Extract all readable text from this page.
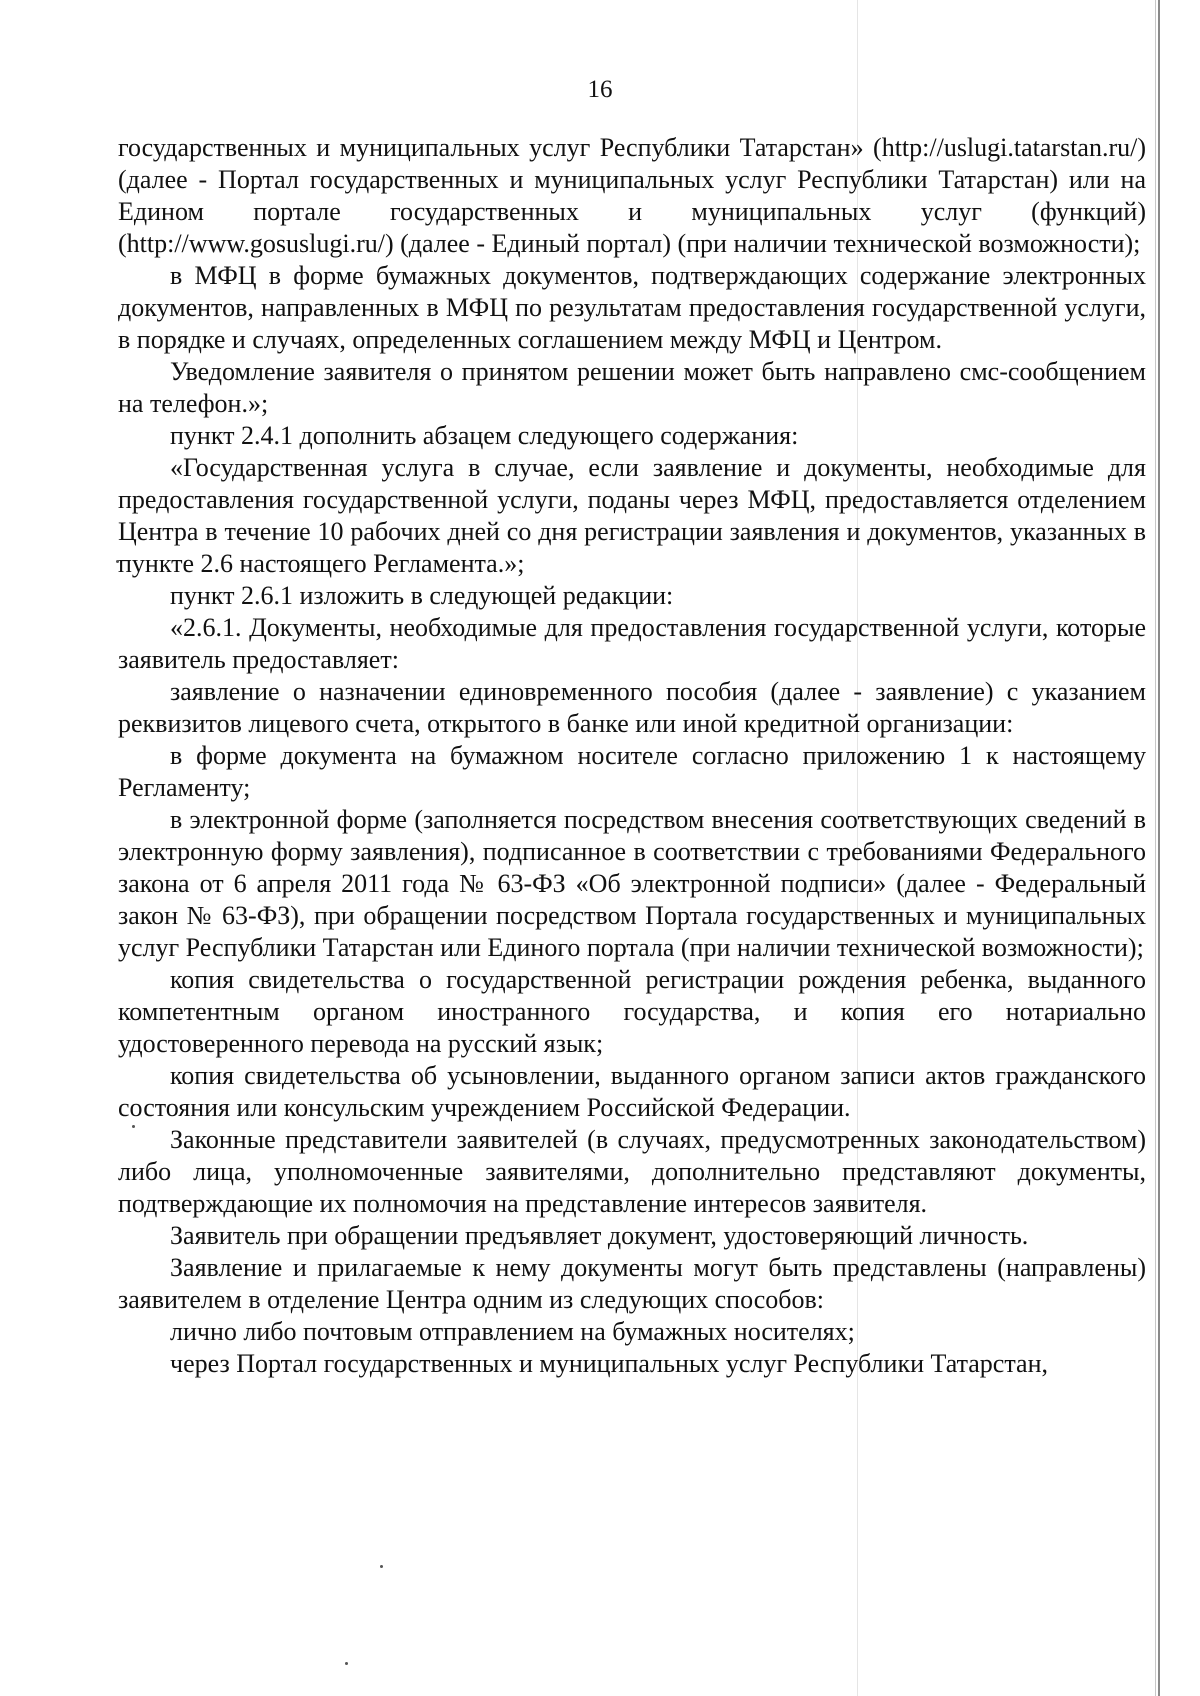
16

государственных и муниципальных услуг Республики Татарстан» (http://uslugi.tatarstan.ru/) (далее - Портал государственных и муниципальных услуг Республики Татарстан) или на Едином портале государственных и муниципальных услуг (функций) (http://www.gosuslugi.ru/) (далее - Единый портал) (при наличии технической возможности);

в МФЦ в форме бумажных документов, подтверждающих содержание электронных документов, направленных в МФЦ по результатам предоставления государственной услуги, в порядке и случаях, определенных соглашением между МФЦ и Центром.

Уведомление заявителя о принятом решении может быть направлено смс-сообщением на телефон.»;

пункт 2.4.1 дополнить абзацем следующего содержания:

«Государственная услуга в случае, если заявление и документы, необходимые для предоставления государственной услуги, поданы через МФЦ, предоставляется отделением Центра в течение 10 рабочих дней со дня регистрации заявления и документов, указанных в пункте 2.6 настоящего Регламента.»;

пункт 2.6.1 изложить в следующей редакции:

«2.6.1. Документы, необходимые для предоставления государственной услуги, которые заявитель предоставляет:

заявление о назначении единовременного пособия (далее - заявление) с указанием реквизитов лицевого счета, открытого в банке или иной кредитной организации:

в форме документа на бумажном носителе согласно приложению 1 к настоящему Регламенту;

в электронной форме (заполняется посредством внесения соответствующих сведений в электронную форму заявления), подписанное в соответствии с требованиями Федерального закона от 6 апреля 2011 года № 63-ФЗ «Об электронной подписи» (далее - Федеральный закон № 63-ФЗ), при обращении посредством Портала государственных и муниципальных услуг Республики Татарстан или Единого портала (при наличии технической возможности);

копия свидетельства о государственной регистрации рождения ребенка, выданного компетентным органом иностранного государства, и копия его нотариально удостоверенного перевода на русский язык;

копия свидетельства об усыновлении, выданного органом записи актов гражданского состояния или консульским учреждением Российской Федерации.

Законные представители заявителей (в случаях, предусмотренных законодательством) либо лица, уполномоченные заявителями, дополнительно представляют документы, подтверждающие их полномочия на представление интересов заявителя.

Заявитель при обращении предъявляет документ, удостоверяющий личность.

Заявление и прилагаемые к нему документы могут быть представлены (направлены) заявителем в отделение Центра одним из следующих способов:

лично либо почтовым отправлением на бумажных носителях;

через Портал государственных и муниципальных услуг Республики Татарстан,
